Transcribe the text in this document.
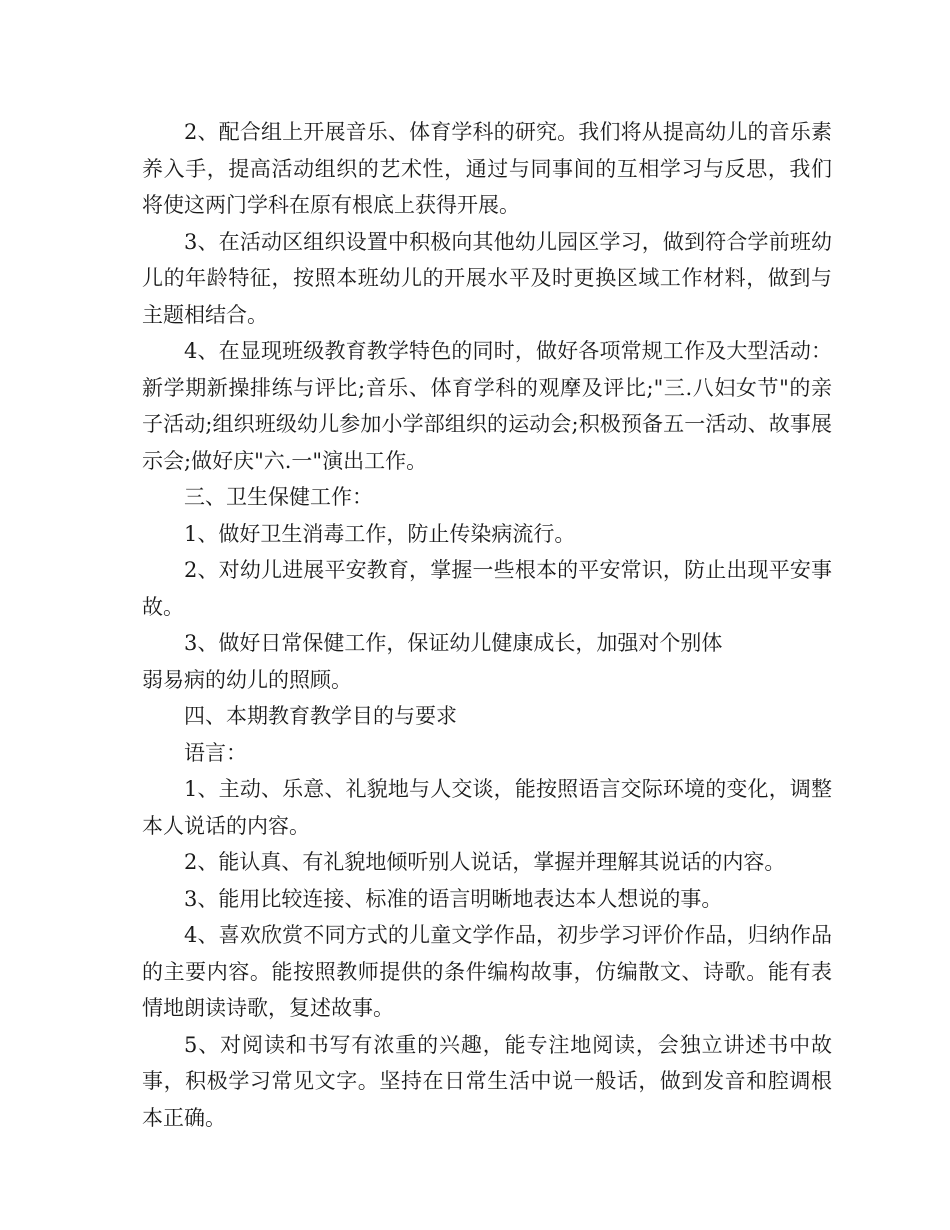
2、配合组上开展音乐、体育学科的研究。我们将从提高幼儿的音乐素养入手，提高活动组织的艺术性，通过与同事间的互相学习与反思，我们将使这两门学科在原有根底上获得开展。

3、在活动区组织设置中积极向其他幼儿园区学习，做到符合学前班幼儿的年龄特征，按照本班幼儿的开展水平及时更换区域工作材料，做到与主题相结合。

4、在显现班级教育教学特色的同时，做好各项常规工作及大型活动：新学期新操排练与评比;音乐、体育学科的观摩及评比;"三.八妇女节"的亲子活动;组织班级幼儿参加小学部组织的运动会;积极预备五一活动、故事展示会;做好庆"六.一"演出工作。

三、卫生保健工作：

1、做好卫生消毒工作，防止传染病流行。

2、对幼儿进展平安教育，掌握一些根本的平安常识，防止出现平安事故。

3、做好日常保健工作，保证幼儿健康成长，加强对个别体

弱易病的幼儿的照顾。

四、本期教育教学目的与要求

语言：

1、主动、乐意、礼貌地与人交谈，能按照语言交际环境的变化，调整本人说话的内容。

2、能认真、有礼貌地倾听别人说话，掌握并理解其说话的内容。

3、能用比较连接、标准的语言明晰地表达本人想说的事。

4、喜欢欣赏不同方式的儿童文学作品，初步学习评价作品，归纳作品的主要内容。能按照教师提供的条件编构故事，仿编散文、诗歌。能有表情地朗读诗歌，复述故事。

5、对阅读和书写有浓重的兴趣，能专注地阅读，会独立讲述书中故事，积极学习常见文字。坚持在日常生活中说一般话，做到发音和腔调根本正确。
